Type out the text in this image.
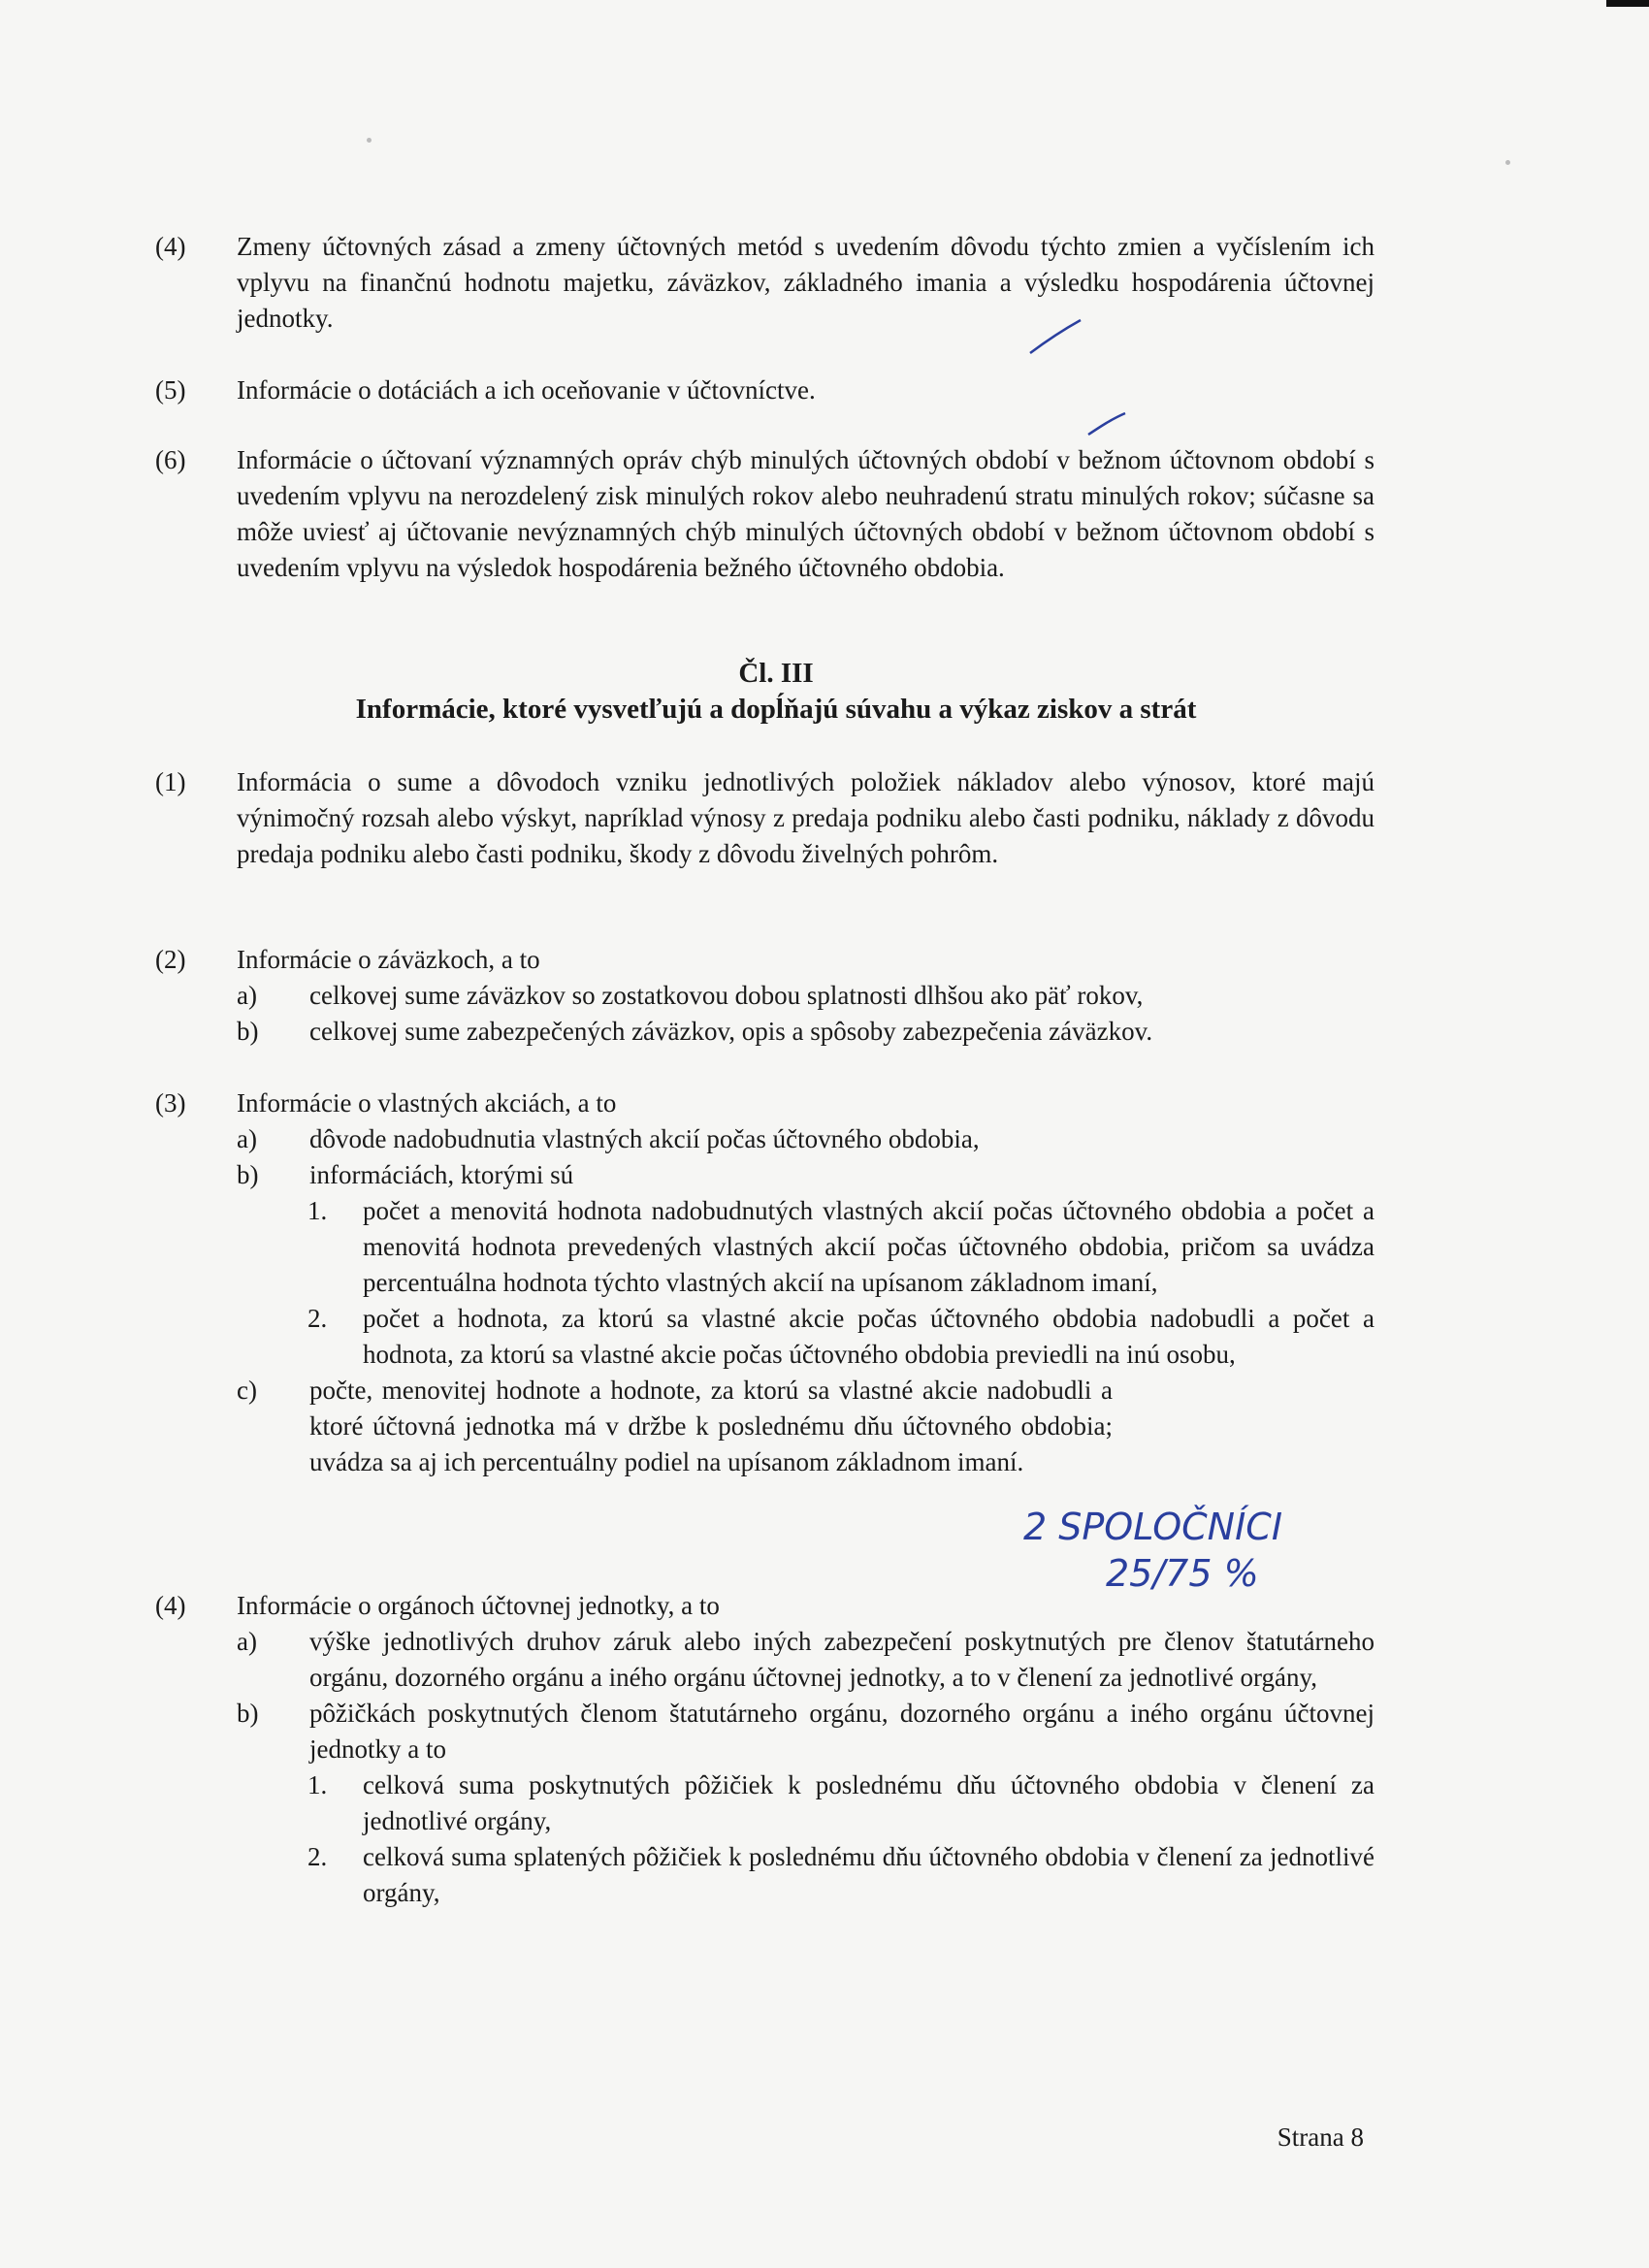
(4) Zmeny účtovných zásad a zmeny účtovných metód s uvedením dôvodu týchto zmien a vyčíslením ich vplyvu na finančnú hodnotu majetku, záväzkov, základného imania a výsledku hospodárenia účtovnej jednotky.
(5) Informácie o dotáciách a ich oceňovanie v účtovníctve.
(6) Informácie o účtovaní významných opráv chýb minulých účtovných období v bežnom účtovnom období s uvedením vplyvu na nerozdelený zisk minulých rokov alebo neuhradenú stratu minulých rokov; súčasne sa môže uviesť aj účtovanie nevýznamných chýb minulých účtovných období v bežnom účtovnom období s uvedením vplyvu na výsledok hospodárenia bežného účtovného obdobia.
Čl. III
Informácie, ktoré vysvetľujú a dopĺňajú súvahu a výkaz ziskov a strát
(1) Informácia o sume a dôvodoch vzniku jednotlivých položiek nákladov alebo výnosov, ktoré majú výnimočný rozsah alebo výskyt, napríklad výnosy z predaja podniku alebo časti podniku, náklady z dôvodu predaja podniku alebo časti podniku, škody z dôvodu živelných pohrôm.
(2) Informácie o záväzkoch, a to
a) celkovej sume záväzkov so zostatkovou dobou splatnosti dlhšou ako päť rokov,
b) celkovej sume zabezpečených záväzkov, opis a spôsoby zabezpečenia záväzkov.
(3) Informácie o vlastných akciách, a to
a) dôvode nadobudnutia vlastných akcií počas účtovného obdobia,
b) informáciách, ktorými sú
1. počet a menovitá hodnota nadobudnutých vlastných akcií počas účtovného obdobia a počet a menovitá hodnota prevedených vlastných akcií počas účtovného obdobia, pričom sa uvádza percentuálna hodnota týchto vlastných akcií na upísanom základnom imaní,
2. počet a hodnota, za ktorú sa vlastné akcie počas účtovného obdobia nadobudli a počet a hodnota, za ktorú sa vlastné akcie počas účtovného obdobia previedli na inú osobu,
c) počte, menovitej hodnote a hodnote, za ktorú sa vlastné akcie nadobudli a ktoré účtovná jednotka má v držbe k poslednému dňu účtovného obdobia; uvádza sa aj ich percentuálny podiel na upísanom základnom imaní.
2 SPOLOČNÍCI
25/75 %
(4) Informácie o orgánoch účtovnej jednotky, a to
a) výške jednotlivých druhov záruk alebo iných zabezpečení poskytnutých pre členov štatutárneho orgánu, dozorného orgánu a iného orgánu účtovnej jednotky, a to v členení za jednotlivé orgány,
b) pôžičkách poskytnutých členom štatutárneho orgánu, dozorného orgánu a iného orgánu účtovnej jednotky a to
1. celková suma poskytnutých pôžičiek k poslednému dňu účtovného obdobia v členení za jednotlivé orgány,
2. celková suma splatených pôžičiek k poslednému dňu účtovného obdobia v členení za jednotlivé orgány,
Strana 8
